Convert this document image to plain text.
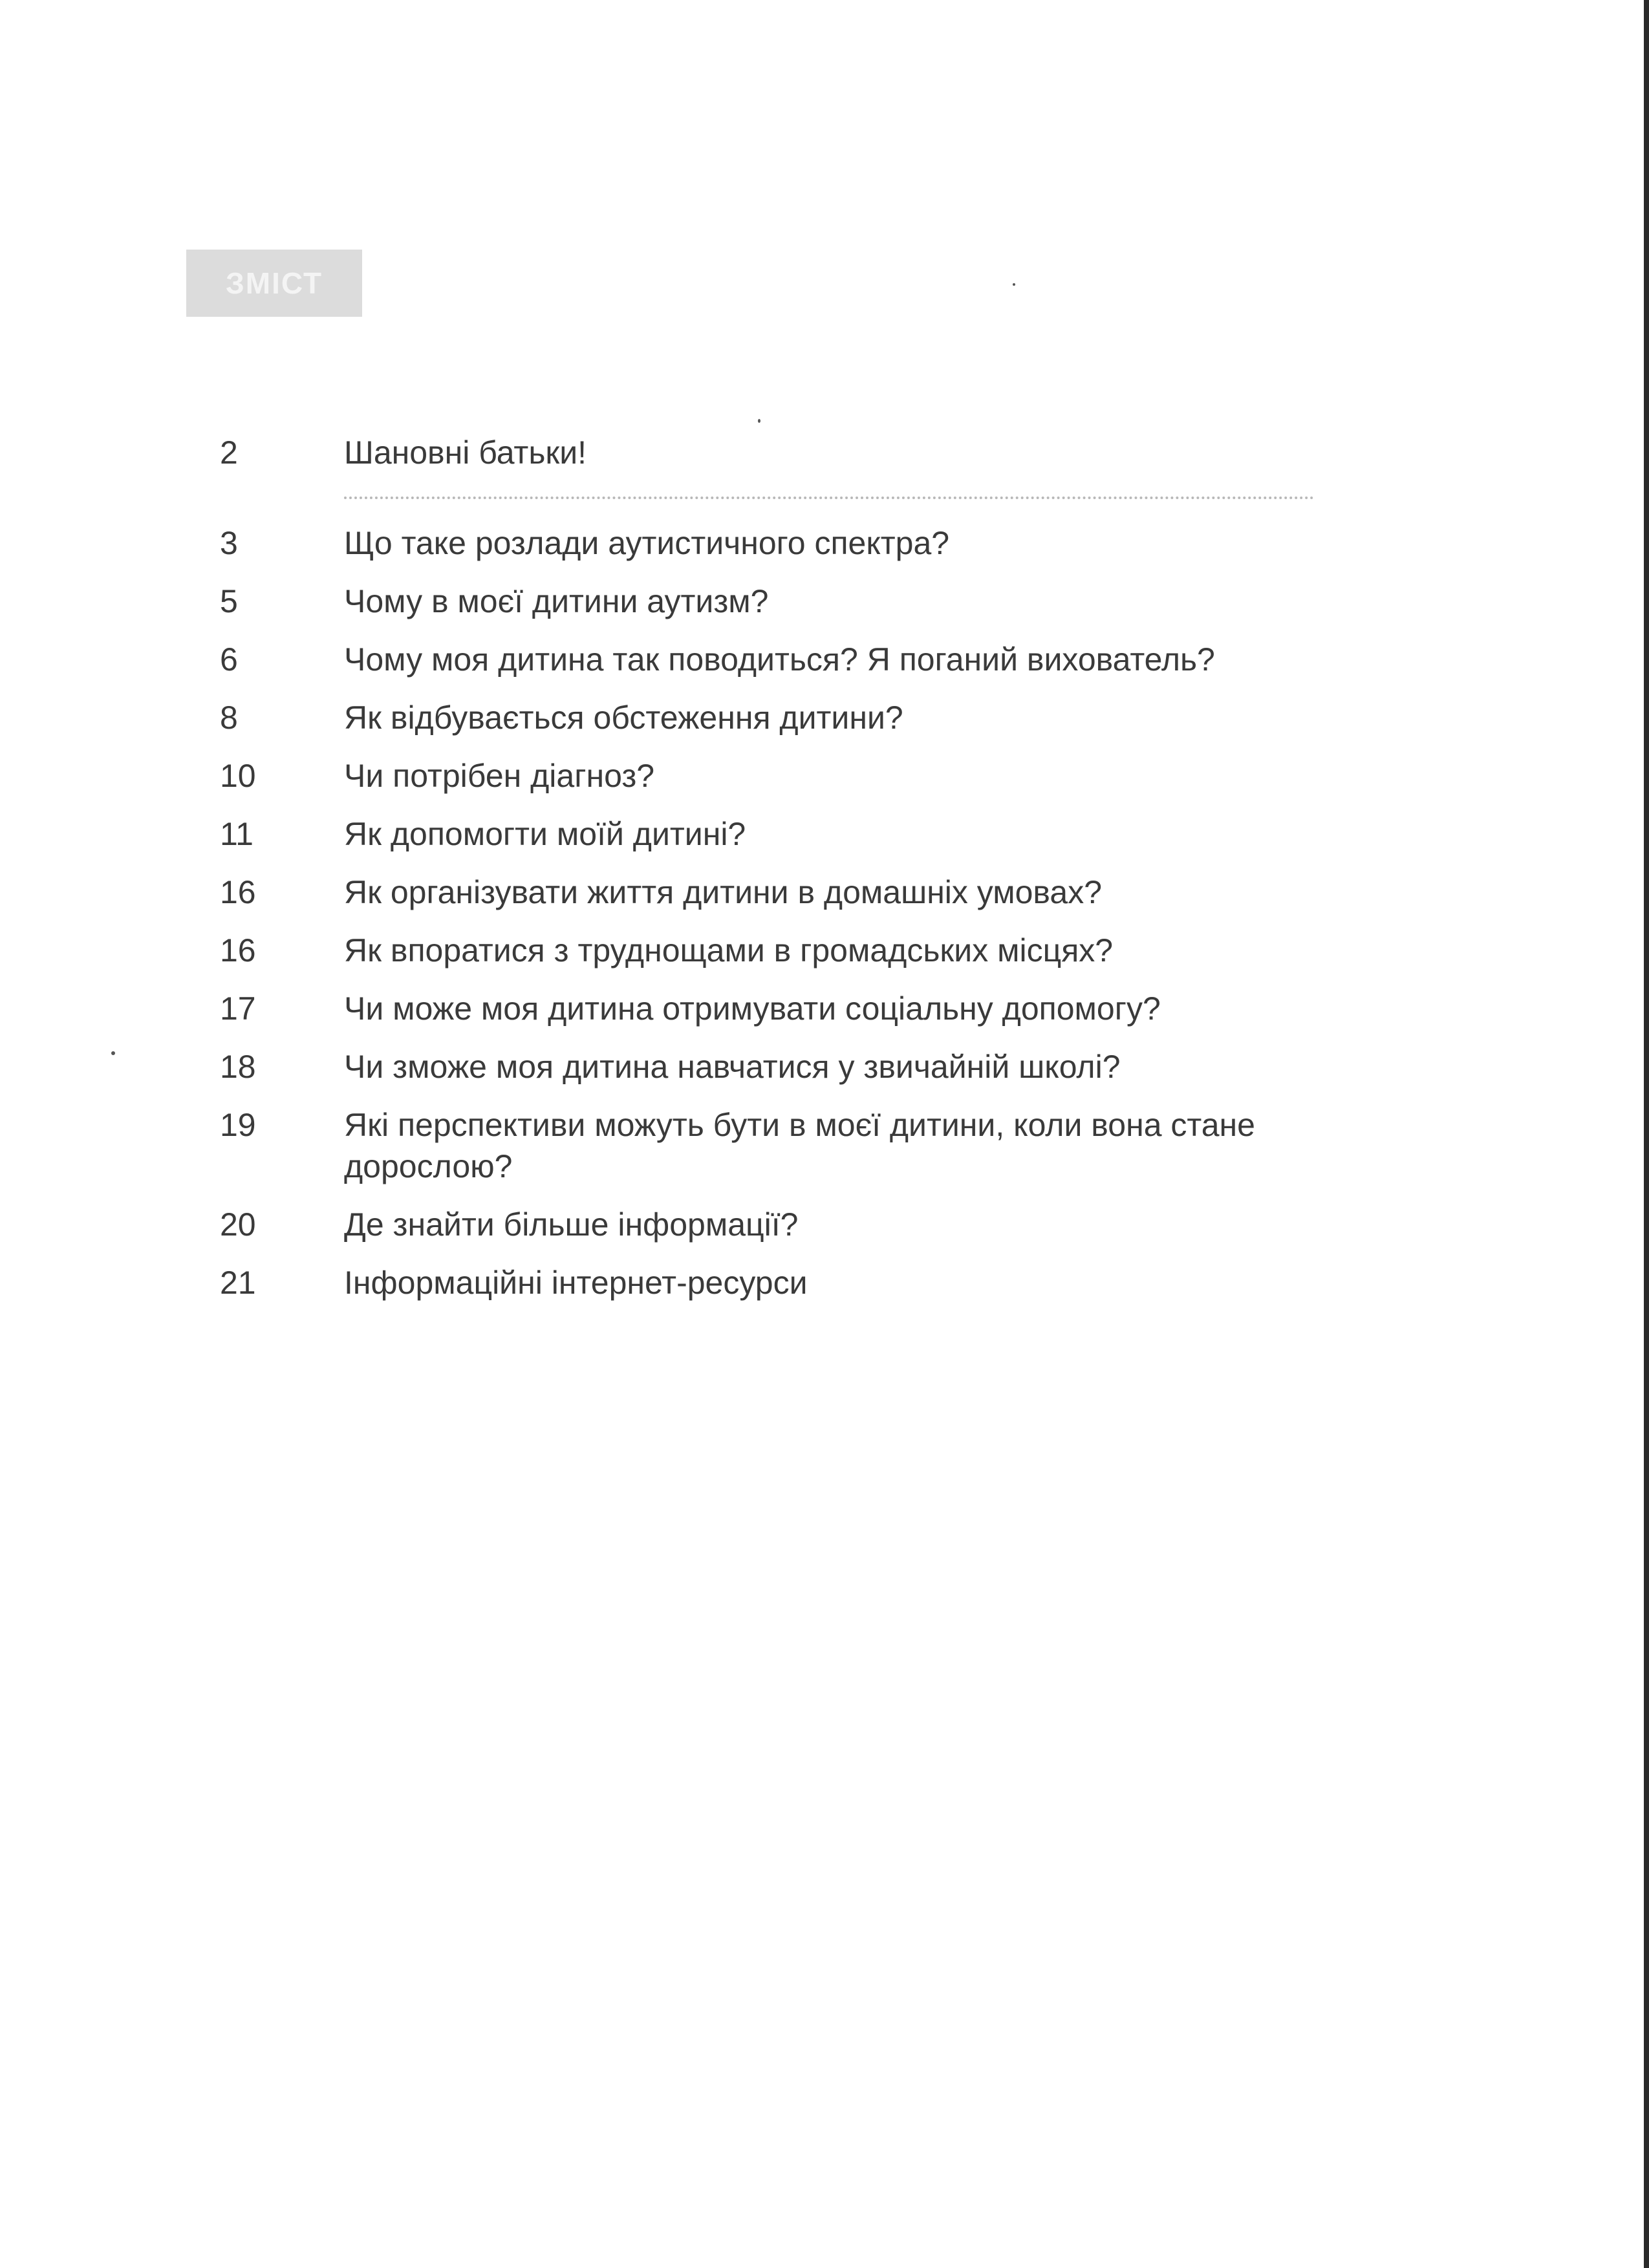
ЗМІСТ
2	Шановні батьки!
3	Що таке розлади аутистичного спектра?
5	Чому в моєї дитини аутизм?
6	Чому моя дитина так поводиться? Я поганий вихователь?
8	Як відбувається обстеження дитини?
10	Чи потрібен діагноз?
11	Як допомогти моїй дитині?
16	Як організувати життя дитини в домашніх умовах?
16	Як впоратися з труднощами в громадських місцях?
17	Чи може моя дитина отримувати соціальну допомогу?
18	Чи зможе моя дитина навчатися у звичайній школі?
19	Які перспективи можуть бути в моєї дитини, коли вона стане дорослою?
20	Де знайти більше інформації?
21	Інформаційні інтернет-ресурси
